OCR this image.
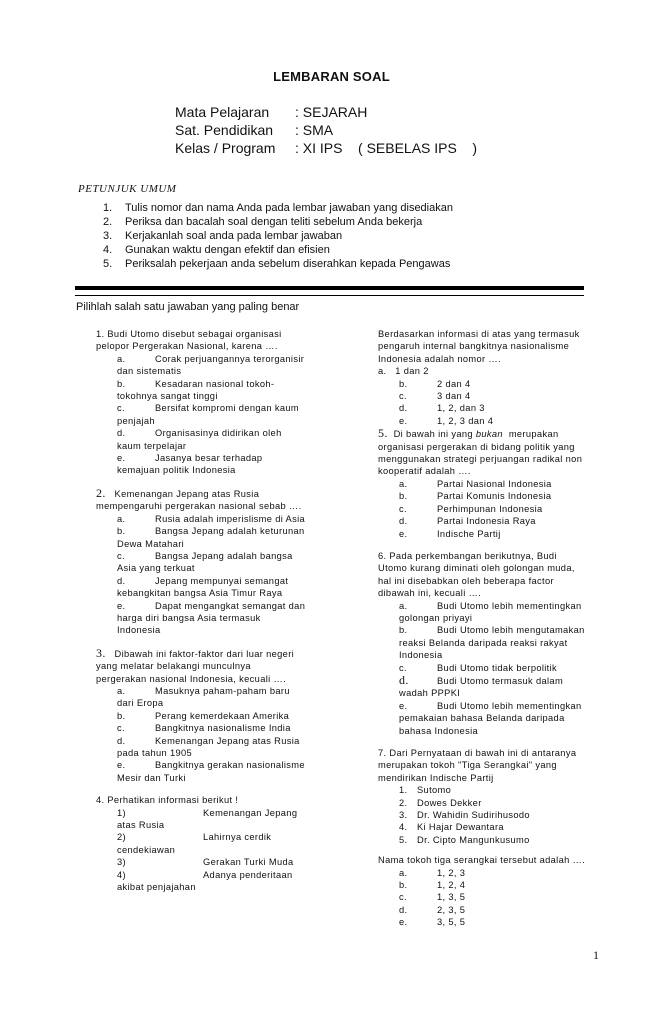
LEMBARAN SOAL
Mata Pelajaran : SEJARAH
Sat. Pendidikan : SMA
Kelas / Program : XI IPS    ( SEBELAS IPS    )
PETUNJUK UMUM
1. Tulis nomor dan nama Anda pada lembar jawaban yang disediakan
2. Periksa dan bacalah soal dengan teliti sebelum Anda bekerja
3. Kerjakanlah soal anda pada lembar jawaban
4. Gunakan waktu dengan efektif dan efisien
5. Periksalah pekerjaan anda sebelum diserahkan kepada Pengawas
Pilihlah salah satu jawaban yang paling benar
1. Budi Utomo disebut sebagai organisasi
pelopor Pergerakan Nasional, karena ….
a.	Corak perjuangannya terorganisir
dan sistematis
b.	Kesadaran nasional tokoh-
tokohnya sangat tinggi
c.	Bersifat kompromi dengan kaum
penjajah
d.	Organisasinya didirikan oleh
kaum terpelajar
e.	Jasanya besar terhadap
kemajuan politik Indonesia
2. Kemenangan Jepang atas Rusia
mempengaruhi pergerakan nasional sebab ….
a.	Rusia adalah imperislisme di Asia
b.	Bangsa Jepang adalah keturunan
Dewa Matahari
c.	Bangsa Jepang adalah bangsa
Asia yang terkuat
d.	Jepang mempunyai semangat
kebangkitan bangsa Asia Timur Raya
e.	Dapat mengangkat semangat dan
harga diri bangsa Asia termasuk
Indonesia
3. Dibawah ini faktor-faktor dari luar negeri
yang melatar belakangi munculnya
pergerakan nasional Indonesia, kecuali ….
a.	Masuknya paham-paham baru
dari Eropa
b.	Perang kemerdekaan Amerika
c.	Bangkitnya nasionalisme India
d.	Kemenangan Jepang atas Rusia
pada tahun 1905
e.	Bangkitnya gerakan nasionalisme
Mesir dan Turki
4. Perhatikan informasi berikut !
1)	Kemenangan Jepang
atas Rusia
2)	Lahirnya cerdik
cendekiawan
3)	Gerakan Turki Muda
4)	Adanya penderitaan
akibat penjajahan
Berdasarkan informasi di atas yang termasuk
pengaruh internal bangkitnya nasionalisme
Indonesia adalah nomor ….
a.   1 dan 2
b.	2 dan 4
c.	3 dan 4
d.	1, 2, dan 3
e.	1, 2, 3 dan 4
5. Di bawah ini yang bukan  merupakan
organisasi pergerakan di bidang politik yang
menggunakan strategi perjuangan radikal non
kooperatif adalah ….
a.	Partai Nasional Indonesia
b.	Partai Komunis Indonesia
c.	Perhimpunan Indonesia
d.	Partai Indonesia Raya
e.	Indische Partij
6. Pada perkembangan berikutnya, Budi
Utomo kurang diminati oleh golongan muda,
hal ini disebabkan oleh beberapa factor
dibawah ini, kecuali ….
a.	Budi Utomo lebih mementingkan
golongan priyayi
b.	Budi Utomo lebih mengutamakan
reaksi Belanda daripada reaksi rakyat
Indonesia
c.	Budi Utomo tidak berpolitik
d.	Budi Utomo termasuk dalam
wadah PPPKI
e.	Budi Utomo lebih mementingkan
pemakaian bahasa Belanda daripada
bahasa Indonesia
7. Dari Pernyataan di bawah ini di antaranya
merupakan tokoh "Tiga Serangkai" yang
mendirikan Indische Partij
1. Sutomo
2. Dowes Dekker
3. Dr. Wahidin Sudirihusodo
4. Ki Hajar Dewantara
5. Dr. Cipto Mangunkusumo
Nama tokoh tiga serangkai tersebut adalah ….
a.	1, 2, 3
b.	1, 2, 4
c.	1, 3, 5
d.	2, 3, 5
e.	3, 5, 5
1
